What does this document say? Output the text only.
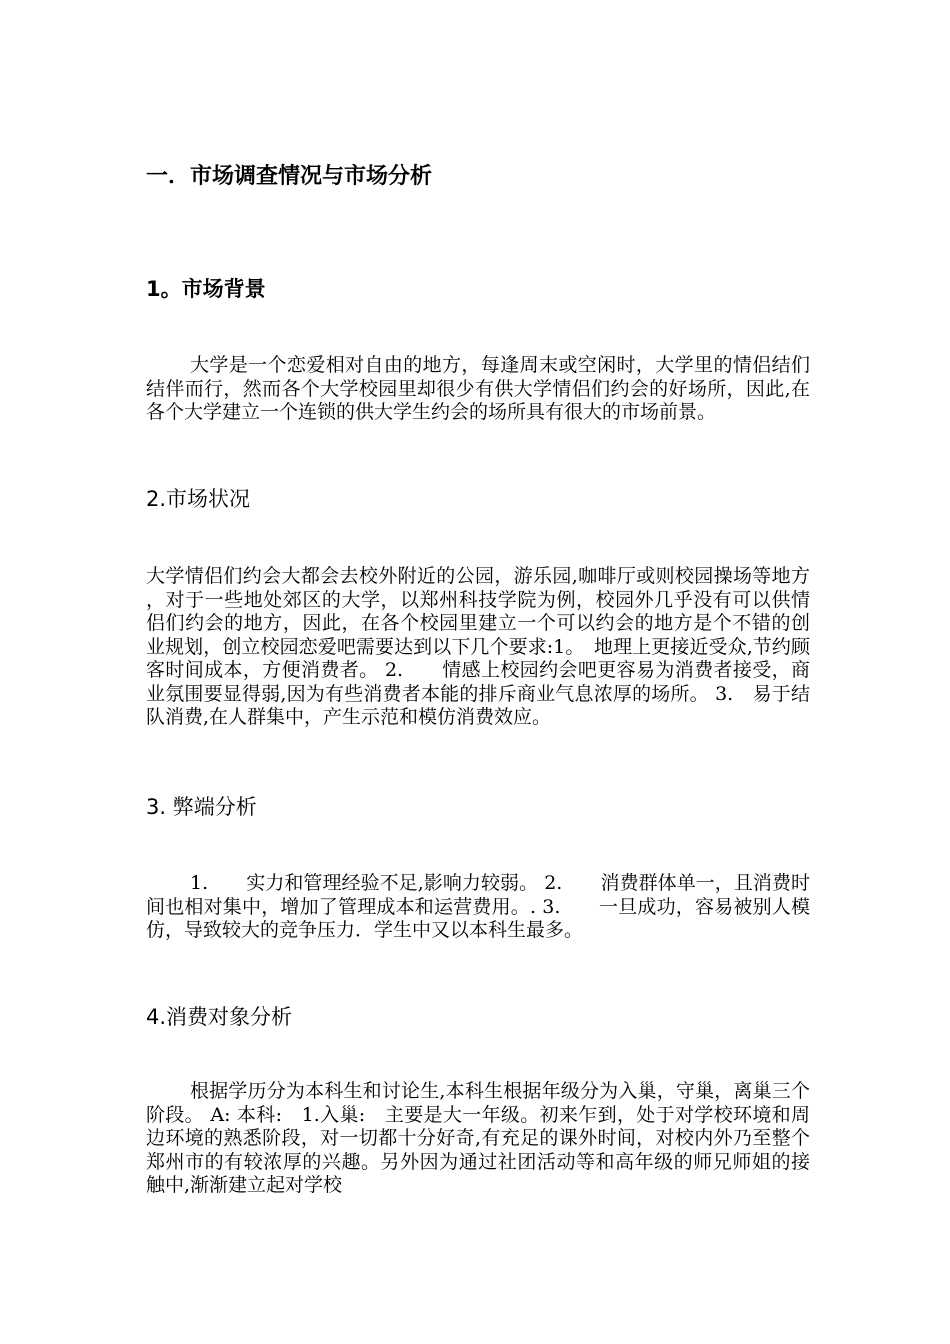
一．市场调查情况与市场分析
1。市场背景
大学是一个恋爱相对自由的地方，每逢周末或空闲时，大学里的情侣结们结伴而行，然而各个大学校园里却很少有供大学情侣们约会的好场所，因此,在各个大学建立一个连锁的供大学生约会的场所具有很大的市场前景。
2.市场状况
大学情侣们约会大都会去校外附近的公园，游乐园,咖啡厅或则校园操场等地方，对于一些地处郊区的大学，以郑州科技学院为例，校园外几乎没有可以供情侣们约会的地方，因此，在各个校园里建立一个可以约会的地方是个不错的创业规划，创立校园恋爱吧需要达到以下几个要求:1。　地理上更接近受众,节约顾客时间成本，方便消费者。 2.　　情感上校园约会吧更容易为消费者接受，商业氛围要显得弱,因为有些消费者本能的排斥商业气息浓厚的场所。 3.　易于结队消费,在人群集中，产生示范和模仿消费效应。
3. 弊端分析
1.　　实力和管理经验不足,影响力较弱。 2.　　消费群体单一，且消费时间也相对集中，增加了管理成本和运营费用。. 3.　　一旦成功，容易被别人模仿，导致较大的竞争压力．学生中又以本科生最多。
4.消费对象分析
根据学历分为本科生和讨论生,本科生根据年级分为入巢，守巢，离巢三个阶段。 A: 本科:　1.入巢:　主要是大一年级。初来乍到，处于对学校环境和周边环境的熟悉阶段，对一切都十分好奇,有充足的课外时间，对校内外乃至整个郑州市的有较浓厚的兴趣。另外因为通过社团活动等和高年级的师兄师姐的接触中,渐渐建立起对学校
